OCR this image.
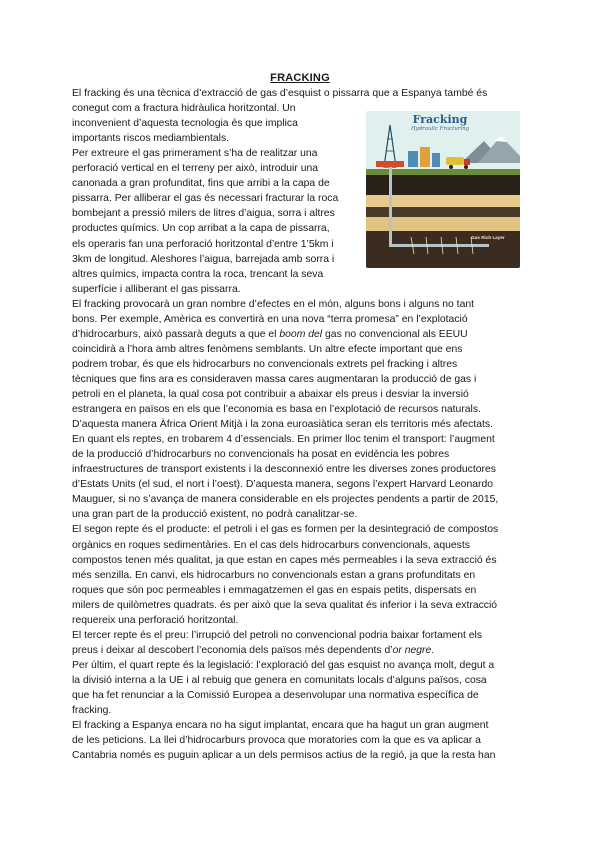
FRACKING
El fracking és una tècnica d’extracció de gas d’esquist o pissarra que a Espanya també és
conegut com a fractura hidràulica horitzontal. Un
inconvenient d’aquesta tecnologia és que implica
importants riscos mediambientals.
Per extreure el gas primerament s’ha de realitzar una
perforació vertical en el terreny per això, introduir una
canonada a gran profunditat, fins que arribi a la capa de
pissarra. Per alliberar el gas és necessari fracturar la roca
bombejant a pressió milers de litres d’aigua, sorra i altres
productes químics. Un cop arribat a la capa de pissarra,
els operaris fan una perforació horitzontal d’entre 1’5km i
3km de longitud. Aleshores l’aigua, barrejada amb sorra i
altres químics, impacta contra la roca, trencant la seva
superfície i alliberant el gas pissarra.
El fracking provocarà un gran nombre d’efectes en el món, alguns bons i alguns no tant
bons. Per exemple, Amèrica es convertirà en una nova “terra promesa” en l’explotació
d’hidrocarburs, això passarà deguts a que el boom del gas no convencional als EEUU
coincidirà a l’hora amb altres fenòmens semblants. Un altre efecte important que ens
podrem trobar, és que els hidrocarburs no convencionals extrets pel fracking i altres
tècniques que fins ara es consideraven massa cares augmentaran la producció de gas i
petroli en el planeta, la qual cosa pot contribuir a abaixar els preus i desviar la inversió
estrangera en països en els que l’economia es basa en l’explotació de recursos naturals.
D’aquesta manera Àfrica Orient Mitjà i la zona euroasiàtica seran els territoris més afectats.
En quant els reptes, en trobarem 4 d’essencials. En primer lloc tenim el transport: l’augment
de la producció d’hidrocarburs no convencionals ha posat en evidència les pobres
infraestructures de transport existents i la desconnexió entre les diverses zones productores
d’Estats Units (el sud, el nort i l’oest). D’aquesta manera, segons l’expert Harvard Leonardo
Mauguer, si no s’avança de manera considerable en els projectes pendents a partir de 2015,
una gran part de la producció existent, no podrà canalitzar-se.
El segon repte és el producte: el petroli i el gas es formen per la desintegració de compostos
orgànics en roques sedimentàries. En el cas dels hidrocarburs convencionals, aquests
compostos tenen més qualitat, ja que estan en capes més permeables i la seva extracció és
més senzilla. En canvi, els hidrocarburs no convencionals estan a grans profunditats en
roques que són poc permeables i emmagatzemen el gas en espais petits, dispersats en
milers de quilòmetres quadrats. és per això que la seva qualitat és inferior i la seva extracció
requereix una perforació horitzontal.
El tercer repte és el preu: l’irrupció del petroli no convencional podria baixar fortament els
preus i deixar al descobert l’economia dels països més dependents d’or negre.
Per últim, el quart repte és la legislació: l’exploració del gas esquist no avança molt, degut a
la divisió interna a la UE i al rebuig que genera en comunitats locals d’alguns països, cosa
que ha fet renunciar a la Comissió Europea a desenvolupar una normativa específica de
fracking.
El fracking a Espanya encara no ha sigut implantat, encara que ha hagut un gran augment
de les peticions. La llei d’hidrocarburs provoca que moratories com la que es va aplicar a
Cantabria només es puguin aplicar a un dels permisos actius de la regió, ja que la resta han
Fracking
Hydraulic Fracturing
Gas Rich Layer
